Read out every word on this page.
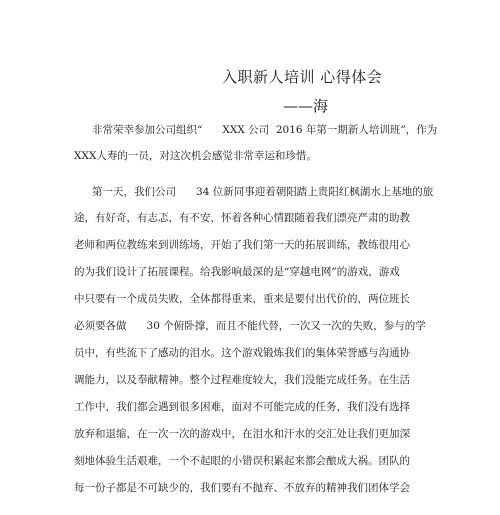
入职新人培训 心得体会
——海
非常荣幸参加公司组织“      XXX 公司  2016 年第一期新人培训班”，作为
XXX人寿的一员，对这次机会感觉非常幸运和珍惜。
第一天，我们公司      34 位新同事迎着朝阳踏上贵阳红枫湖水上基地的旅
途，有好奇，有志忑，有不安，怀着各种心情跟随着我们漂亮严肃的助教
老师和两位教练来到训练场，开始了我们第一天的拓展训练，教练很用心
的为我们设计了拓展课程。给我影响最深的是“穿越电网”的游戏，游戏
中只要有一个成员失败，全体都得重来，重来是要付出代价的，两位班长
必须要各做      30 个俯卧撑，而且不能代替，一次又一次的失败，参与的学
员中，有些流下了感动的泪水。这个游戏锻炼我们的集体荣誉感与沟通协
调能力，以及奉献精神。整个过程难度较大，我们没能完成任务。在生活
工作中，我们都会遇到很多困难，面对不可能完成的任务，我们没有选择
放弃和退缩，在一次一次的游戏中，在泪水和汗水的交汇处让我们更加深
刻地体验生活艰难，一个不起眼的小错误积累起来都会酿成大祸。团队的
每一份子都是不可缺少的，我们要有不抛弃、不放弃的精神我们团体学会
